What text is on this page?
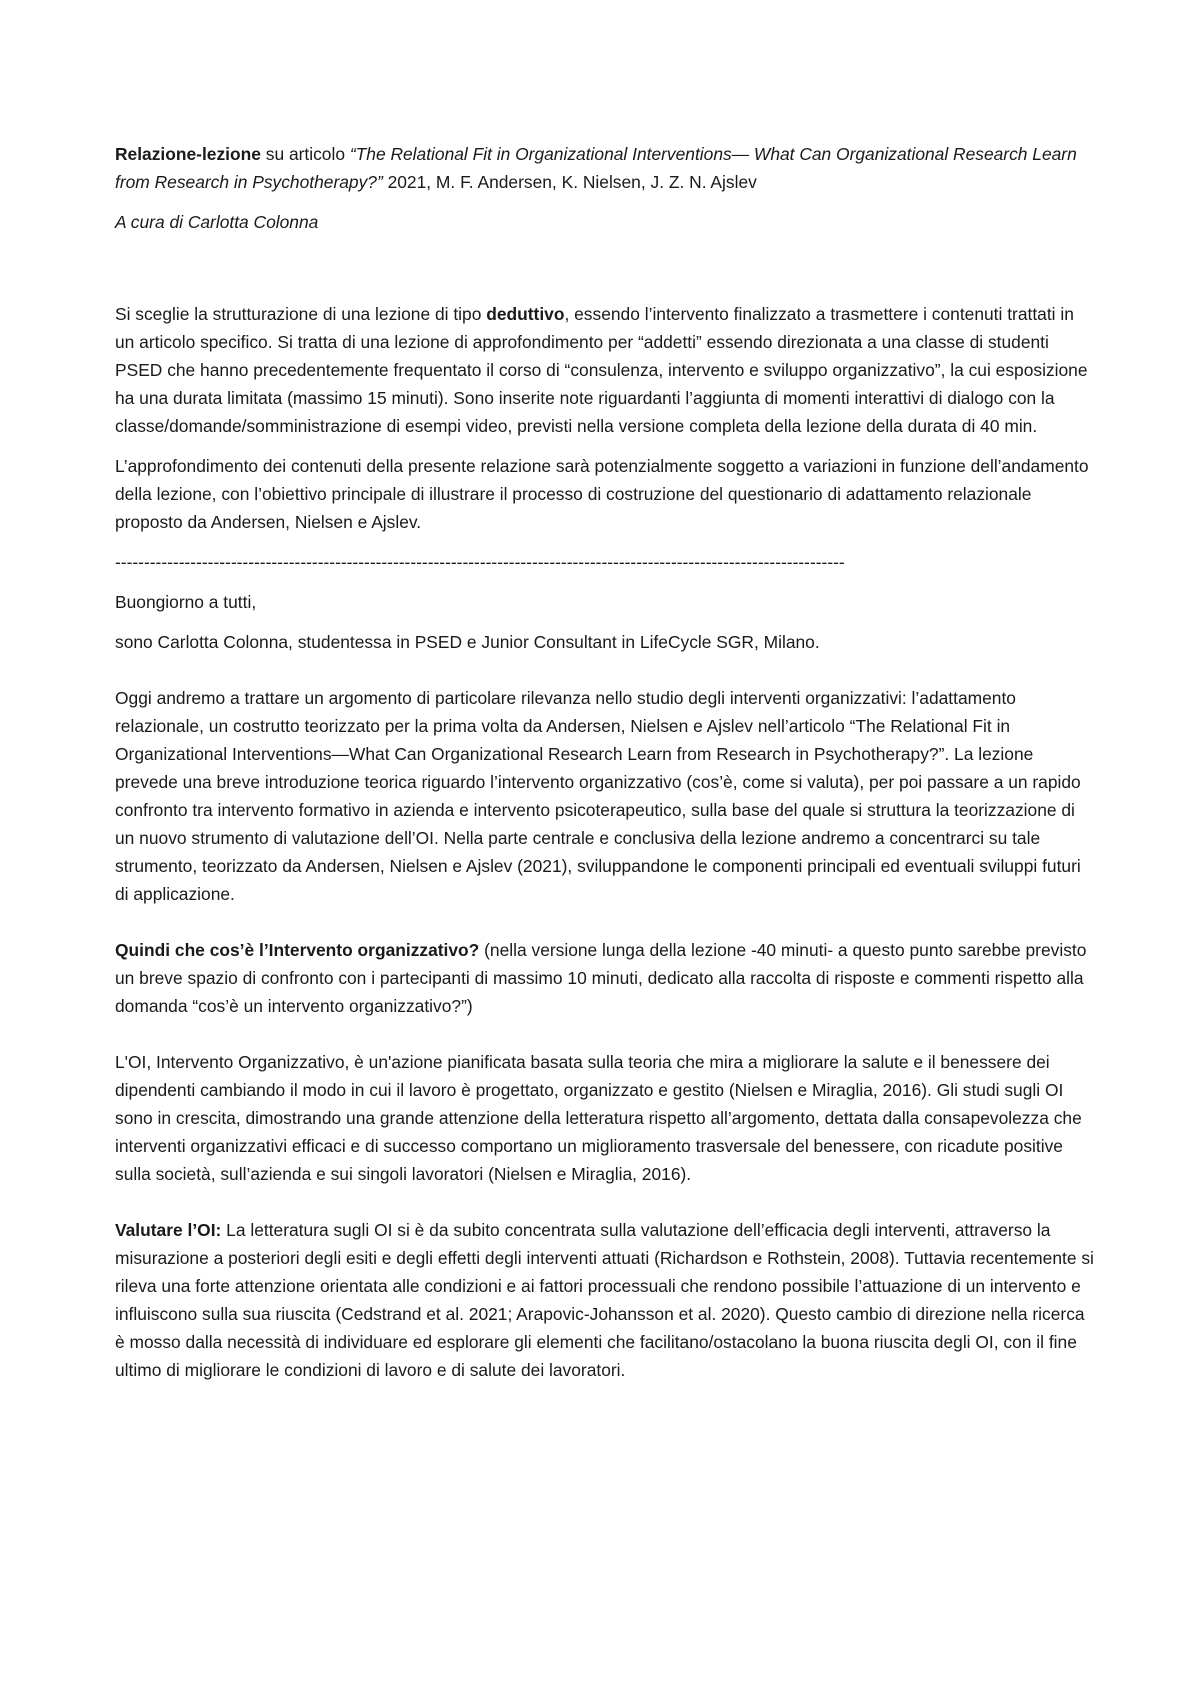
Relazione-lezione su articolo “The Relational Fit in Organizational Interventions— What Can Organizational Research Learn from Research in Psychotherapy?” 2021, M. F. Andersen, K. Nielsen, J. Z. N. Ajslev

A cura di Carlotta Colonna

Si sceglie la strutturazione di una lezione di tipo deduttivo, essendo l’intervento finalizzato a trasmettere i contenuti trattati in un articolo specifico. Si tratta di una lezione di approfondimento per “addetti” essendo direzionata a una classe di studenti PSED che hanno precedentemente frequentato il corso di “consulenza, intervento e sviluppo organizzativo”, la cui esposizione ha una durata limitata (massimo 15 minuti). Sono inserite note riguardanti l’aggiunta di momenti interattivi di dialogo con la classe/domande/somministrazione di esempi video, previsti nella versione completa della lezione della durata di 40 min.

L’approfondimento dei contenuti della presente relazione sarà potenzialmente soggetto a variazioni in funzione dell’andamento della lezione, con l’obiettivo principale di illustrare il processo di costruzione del questionario di adattamento relazionale proposto da Andersen, Nielsen e Ajslev.

------------------------------------------------------------------------------------------------------------------------------

Buongiorno a tutti,

sono Carlotta Colonna, studentessa in PSED e Junior Consultant in LifeCycle SGR, Milano.

Oggi andremo a trattare un argomento di particolare rilevanza nello studio degli interventi organizzativi: l’adattamento relazionale, un costrutto teorizzato per la prima volta da Andersen, Nielsen e Ajslev nell’articolo “The Relational Fit in Organizational Interventions—What Can Organizational Research Learn from Research in Psychotherapy?”. La lezione prevede una breve introduzione teorica riguardo l’intervento organizzativo (cos’è, come si valuta), per poi passare a un rapido confronto tra intervento formativo in azienda e intervento psicoterapeutico, sulla base del quale si struttura la teorizzazione di un nuovo strumento di valutazione dell’OI. Nella parte centrale e conclusiva della lezione andremo a concentrarci su tale strumento, teorizzato da Andersen, Nielsen e Ajslev (2021), sviluppandone le componenti principali ed eventuali sviluppi futuri di applicazione.

Quindi che cos’è l’Intervento organizzativo? (nella versione lunga della lezione -40 minuti- a questo punto sarebbe previsto un breve spazio di confronto con i partecipanti di massimo 10 minuti, dedicato alla raccolta di risposte e commenti rispetto alla domanda “cos’è un intervento organizzativo?”)

L'OI, Intervento Organizzativo, è un'azione pianificata basata sulla teoria che mira a migliorare la salute e il benessere dei dipendenti cambiando il modo in cui il lavoro è progettato, organizzato e gestito (Nielsen e Miraglia, 2016). Gli studi sugli OI sono in crescita, dimostrando una grande attenzione della letteratura rispetto all’argomento, dettata dalla consapevolezza che interventi organizzativi efficaci e di successo comportano un miglioramento trasversale del benessere, con ricadute positive sulla società, sull’azienda e sui singoli lavoratori (Nielsen e Miraglia, 2016).

Valutare l’OI: La letteratura sugli OI si è da subito concentrata sulla valutazione dell’efficacia degli interventi, attraverso la misurazione a posteriori degli esiti e degli effetti degli interventi attuati (Richardson e Rothstein, 2008). Tuttavia recentemente si rileva una forte attenzione orientata alle condizioni e ai fattori processuali che rendono possibile l’attuazione di un intervento e influiscono sulla sua riuscita (Cedstrand et al. 2021; Arapovic-Johansson et al. 2020). Questo cambio di direzione nella ricerca è mosso dalla necessità di individuare ed esplorare gli elementi che facilitano/ostacolano la buona riuscita degli OI, con il fine ultimo di migliorare le condizioni di lavoro e di salute dei lavoratori.
